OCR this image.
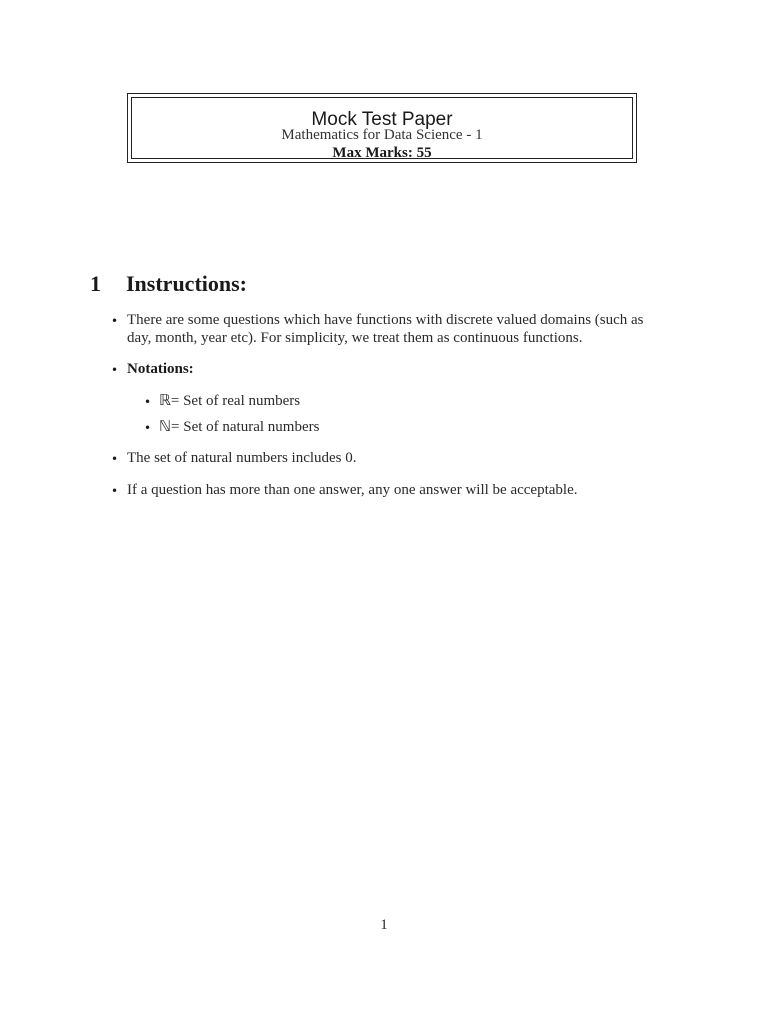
Mock Test Paper
Mathematics for Data Science - 1
Max Marks: 55
1 Instructions:
• There are some questions which have functions with discrete valued domains (such as
day, month, year etc). For simplicity, we treat them as continuous functions.
• Notations:
• ℝ= Set of real numbers
• ℕ= Set of natural numbers
• The set of natural numbers includes 0.
• If a question has more than one answer, any one answer will be acceptable.
1
